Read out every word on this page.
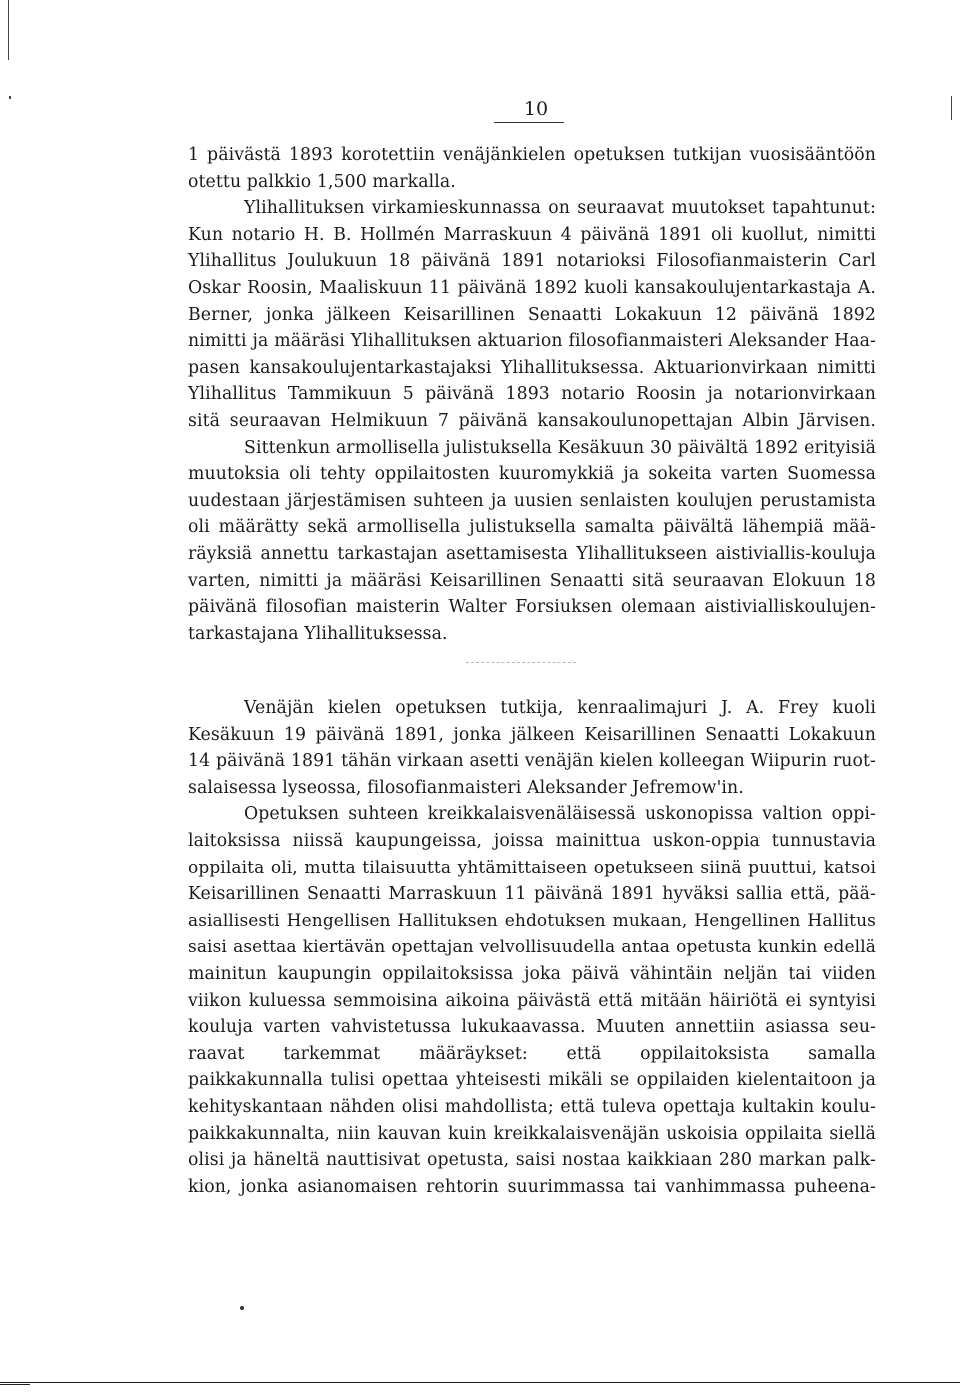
10
1 päivästä 1893 korotettiin venäjänkielen opetuksen tutkijan vuosisääntöön
otettu palkkio 1,500 markalla.
Ylihallituksen virkamieskunnassa on seuraavat muutokset tapahtunut:
Kun notario H. B. Hollmén Marraskuun 4 päivänä 1891 oli kuollut, nimitti
Ylihallitus Joulukuun 18 päivänä 1891 notarioksi Filosofianmaisterin Carl
Oskar Roosin, Maaliskuun 11 päivänä 1892 kuoli kansakoulujentarkastaja A.
Berner, jonka jälkeen Keisarillinen Senaatti Lokakuun 12 päivänä 1892
nimitti ja määräsi Ylihallituksen aktuarion filosofianmaisteri Aleksander Haa-
pasen kansakoulujentarkastajaksi Ylihallituksessa. Aktuarionvirkaan nimitti
Ylihallitus Tammikuun 5 päivänä 1893 notario Roosin ja notarionvirkaan
sitä seuraavan Helmikuun 7 päivänä kansakoulunopettajan Albin Järvisen.
Sittenkun armollisella julistuksella Kesäkuun 30 päivältä 1892 erityisiä
muutoksia oli tehty oppilaitosten kuuromykkiä ja sokeita varten Suomessa
uudestaan järjestämisen suhteen ja uusien senlaisten koulujen perustamista
oli määrätty sekä armollisella julistuksella samalta päivältä lähempiä mää-
räyksiä annettu tarkastajan asettamisesta Ylihallitukseen aistiviallis-kouluja
varten, nimitti ja määräsi Keisarillinen Senaatti sitä seuraavan Elokuun 18
päivänä filosofian maisterin Walter Forsiuksen olemaan aistivialliskoulujen-
tarkastajana Ylihallituksessa.
Venäjän kielen opetuksen tutkija, kenraalimajuri J. A. Frey kuoli
Kesäkuun 19 päivänä 1891, jonka jälkeen Keisarillinen Senaatti Lokakuun
14 päivänä 1891 tähän virkaan asetti venäjän kielen kolleegan Wiipurin ruot-
salaisessa lyseossa, filosofianmaisteri Aleksander Jefremow'in.
Opetuksen suhteen kreikkalaisvenäläisessä uskonopissa valtion oppi-
laitoksissa niissä kaupungeissa, joissa mainittua uskon-oppia tunnustavia
oppilaita oli, mutta tilaisuutta yhtämittaiseen opetukseen siinä puuttui, katsoi
Keisarillinen Senaatti Marraskuun 11 päivänä 1891 hyväksi sallia että, pää-
asiallisesti Hengellisen Hallituksen ehdotuksen mukaan, Hengellinen Hallitus
saisi asettaa kiertävän opettajan velvollisuudella antaa opetusta kunkin edellä
mainitun kaupungin oppilaitoksissa joka päivä vähintäin neljän tai viiden
viikon kuluessa semmoisina aikoina päivästä että mitään häiriötä ei syntyisi
kouluja varten vahvistetussa lukukaavassa. Muuten annettiin asiassa seu-
raavat tarkemmat määräykset: että oppilaitoksista samalla
paikkakunnalla tulisi opettaa yhteisesti mikäli se oppilaiden kielentaitoon ja
kehityskantaan nähden olisi mahdollista; että tuleva opettaja kultakin koulu-
paikkakunnalta, niin kauvan kuin kreikkalaisvenäjän uskoisia oppilaita siellä
olisi ja häneltä nauttisivat opetusta, saisi nostaa kaikkiaan 280 markan palk-
kion, jonka asianomaisen rehtorin suurimmassa tai vanhimmassa puheena-
